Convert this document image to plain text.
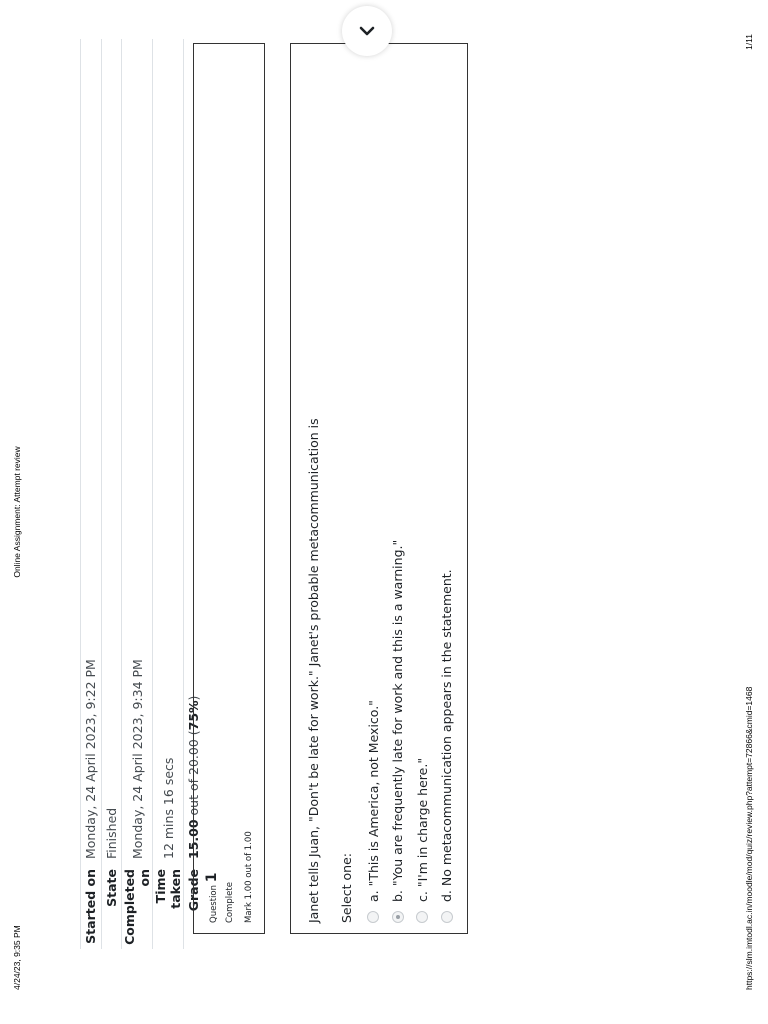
4/24/23, 9:35 PM
Online Assignment: Attempt review
Started on	Monday, 24 April 2023, 9:22 PM
State	Finished
Completed on	Monday, 24 April 2023, 9:34 PM
Time taken	12 mins 16 secs
Grade	15.00 out of 20.00 (75%)
Question 1
Complete Mark 1.00 out of 1.00	Janet tells Juan, "Don't be late for work." Janet's probable metacommunication is Select one: a. "This is America, not Mexico." b. "You are frequently late for work and this is a warning." c. "I'm in charge here." d. No metacommunication appears in the statement.	https://slm.imtodl.ac.in/moodle/mod/quiz/review.php?attempt=72866&cmid=1468
1/11
